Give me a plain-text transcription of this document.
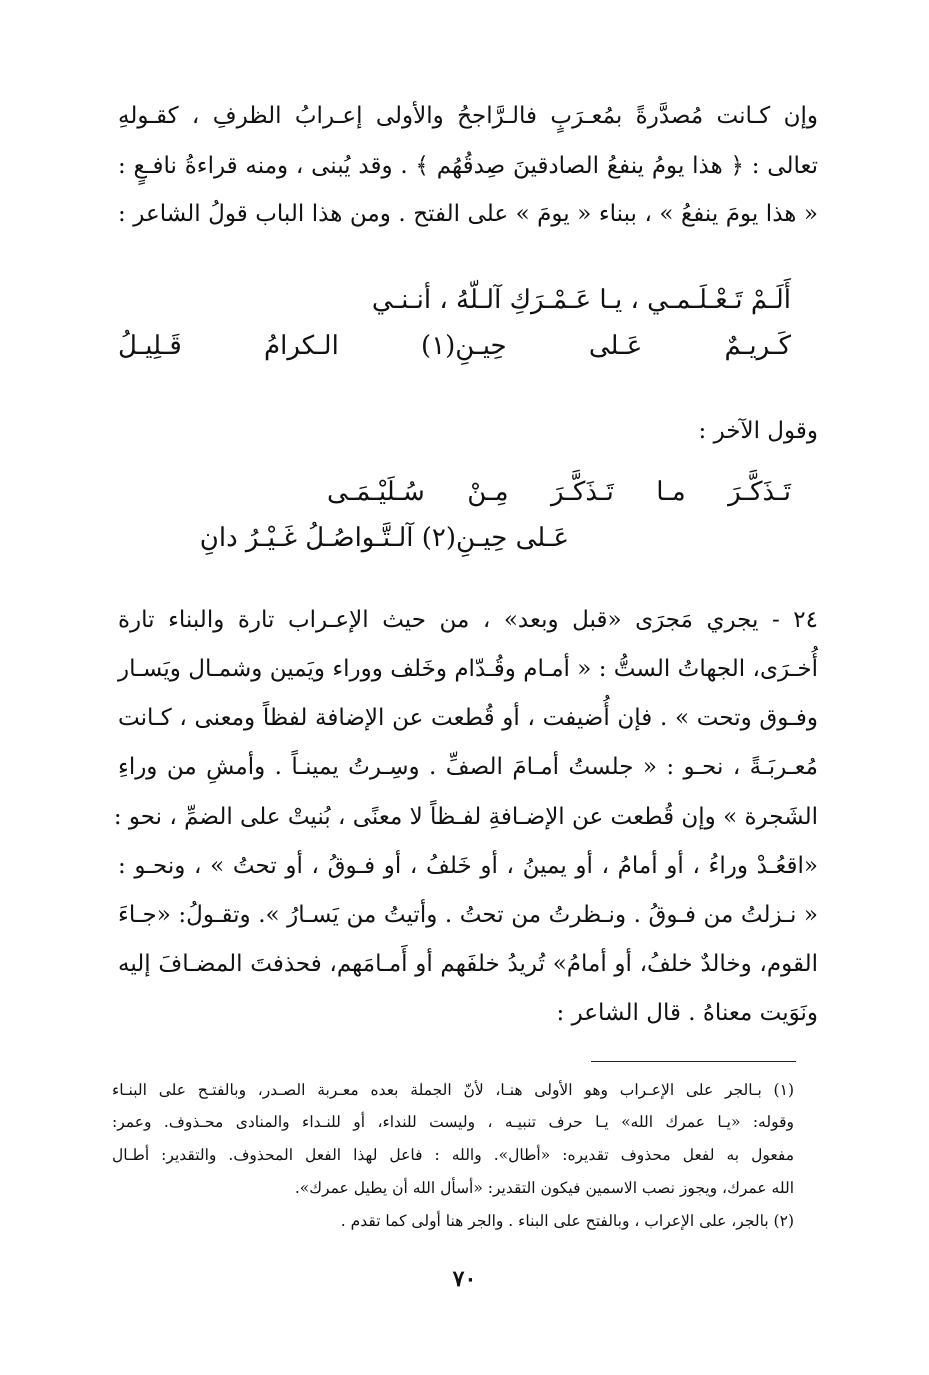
وإن كـانت مُصدَّرةً بمُعـرَبٍ فالـرَّاجحُ والأولى إعـرابُ الظرفِ ، كقـولهِ
تعالى : ﴿ هذا يومُ ينفعُ الصادقينَ صِدقُهُم ﴾ . وقد يُبنى ، ومنه قراءةُ نافـعٍ :
« هذا يومَ ينفعُ » ، ببناء « يومَ » على الفتح . ومن هذا الباب قولُ الشاعر :
أَلَـمْ تَـعْـلَـمـي ، يـا عَـمْـرَكِ آلـلّهُ ، أنـنـي
كَـريـمٌ عَـلى حِيـنِ(١) الـكرامُ قَـلِيـلُ
وقول الآخر :
تَـذَكَّـرَ مـا تَـذَكَّـرَ مِـنْ سُـلَيْـمَـى
عَـلى حِيـنِ(٢) آلـتَّـواصُـلُ غَـيْـرُ دانِ
٢٤ - يجري مَجرَى «قبل وبعد» ، من حيث الإعـراب تارة والبناء تارة
أُخـرَى، الجهاتُ الستُّ : « أمـام وقُـدّام وخَلف ووراء ويَمين وشمـال ويَسـار
وفـوق وتحت » . فإن أُضيفت ، أو قُطعت عن الإضافة لفظاً ومعنى ، كـانت
مُعـربَـةً ، نحـو : « جلستُ أمـامَ الصفِّ . وسِـرتُ يمينـاً . وأمشِ من وراءِ
الشَجرة » وإن قُطعت عن الإضـافةِ لفـظاً لا معنًى ، بُنيتْ على الضمِّ ، نحو :
«اقعُـدْ وراءُ ، أو أمامُ ، أو يمينُ ، أو خَلفُ ، أو فـوقُ ، أو تحتُ » ، ونحـو :
« نـزلتُ من فـوقُ . ونـظرتُ من تحتُ . وأتيتُ من يَسـارُ ». وتقـولُ: «جـاءَ
القوم، وخالدٌ خلفُ، أو أمامُ» تُريدُ خلفَهم أو أَمـامَهم، فحذفتَ المضـافَ إليه
ونَوَيت معناهُ . قال الشاعر :
(١) بـالجر على الإعـراب وهو الأولى هنـا، لأنّ الجملة بعده معـربة الصـدر، وبالفتـح على البنـاء
وقوله: «يـا عمرك الله» يـا حرف تنبيـه ، وليست للنداء، أو للنـداء والمنادى محـذوف. وعمر:
مفعول به لفعل محذوف تقديره: «أطال». والله : فاعل لهذا الفعل المحذوف. والتقدير: أطـال
الله عمرك، ويجوز نصب الاسمين فيكون التقدير: «أسأل الله أن يطيل عمرك».
(٢) بالجر، على الإعراب ، وبالفتح على البناء . والجر هنا أولى كما تقدم .
٧٠
